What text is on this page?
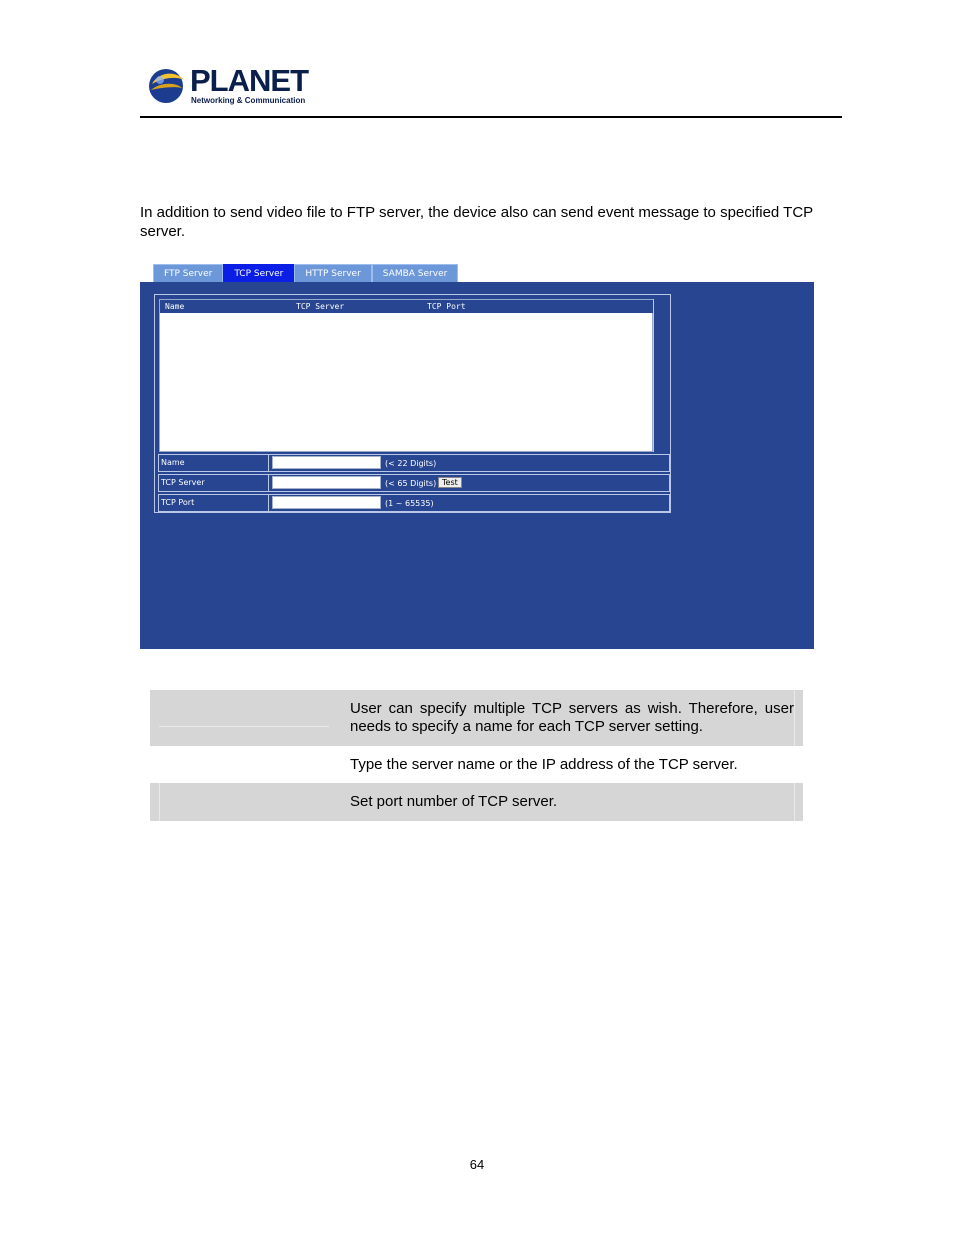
PLANET
Networking & Communication

In addition to send video file to FTP server, the device also can send event message to specified TCP server.

FTP Server	TCP Server	HTTP Server	SAMBA Server
Name	TCP Server	TCP Port
Name	(< 22 Digits)
TCP Server	(< 65 Digits) Test
TCP Port	(1 ~ 65535)
User can specify multiple TCP servers as wish. Therefore, user needs to specify a name for each TCP server setting.
Type the server name or the IP address of the TCP server.
Set port number of TCP server.
64
